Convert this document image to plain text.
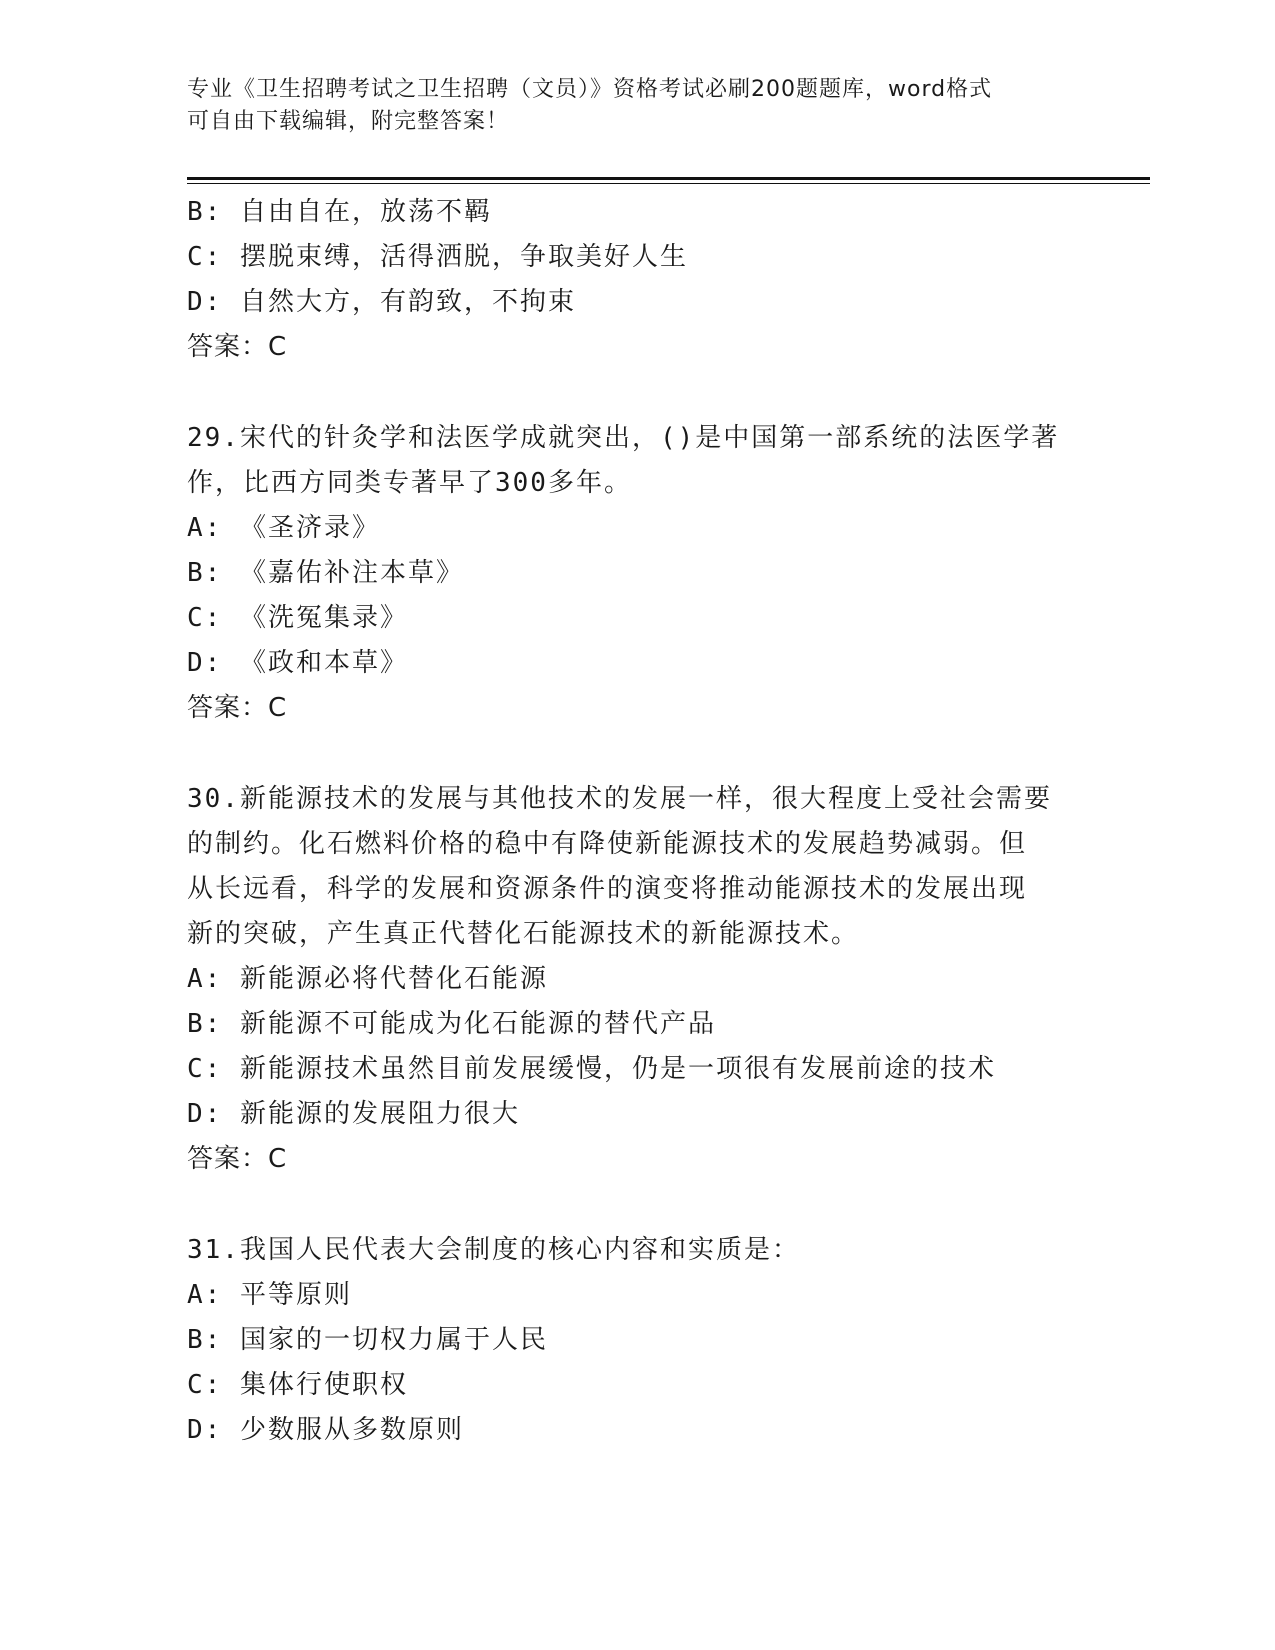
专业《卫生招聘考试之卫生招聘（文员）》资格考试必刷200题题库，word格式
可自由下载编辑，附完整答案！
B: 自由自在，放荡不羁
C: 摆脱束缚，活得洒脱，争取美好人生
D: 自然大方，有韵致，不拘束
答案：C
29.宋代的针灸学和法医学成就突出，()是中国第一部系统的法医学著
作，比西方同类专著早了300多年。
A: 《圣济录》
B: 《嘉佑补注本草》
C: 《洗冤集录》
D: 《政和本草》
答案：C
30.新能源技术的发展与其他技术的发展一样，很大程度上受社会需要
的制约。化石燃料价格的稳中有降使新能源技术的发展趋势减弱。但
从长远看，科学的发展和资源条件的演变将推动能源技术的发展出现
新的突破，产生真正代替化石能源技术的新能源技术。
A: 新能源必将代替化石能源
B: 新能源不可能成为化石能源的替代产品
C: 新能源技术虽然目前发展缓慢，仍是一项很有发展前途的技术
D: 新能源的发展阻力很大
答案：C
31.我国人民代表大会制度的核心内容和实质是：
A: 平等原则
B: 国家的一切权力属于人民
C: 集体行使职权
D: 少数服从多数原则
